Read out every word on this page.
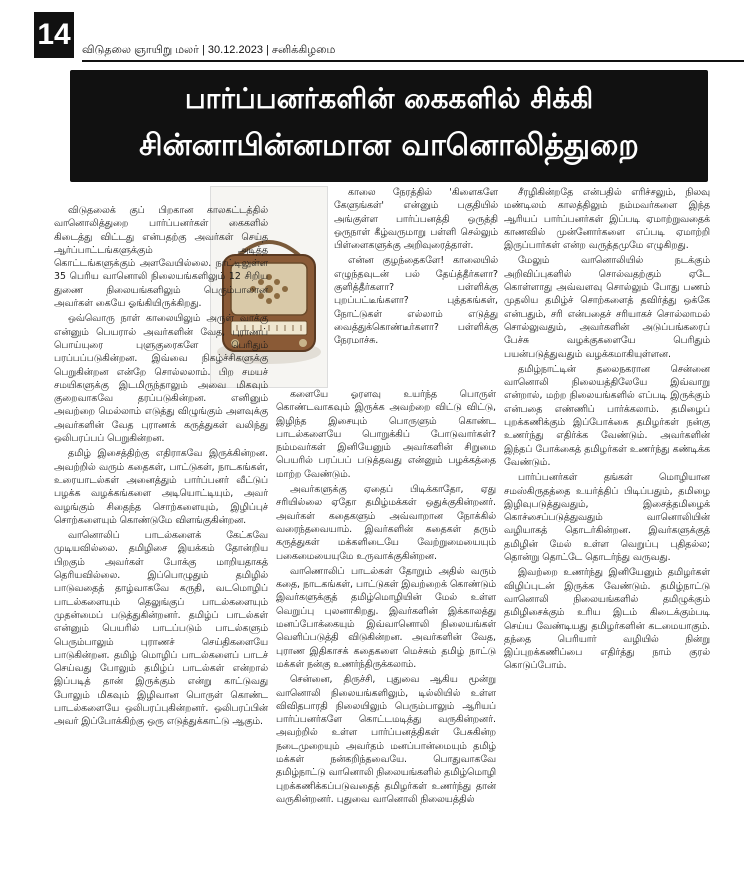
14	விடுதலை ஞாயிறு மலர் | 30.12.2023 | சனிக்கிழமை
பார்ப்பனர்களின் கைகளில் சிக்கி
சின்னாபின்னமான வானொலித்துறை

விடுதலைக் குப் பிறகான காலகட்டத்தில் வானொலித்துறை பார்ப்பனர்கள் கைகளில் கிடைத்து விட்டது என்பதற்கு அவர்கள் செய்த ஆர்ப்பாட்டங்களுக்கும் அடித்த கொட்டங்களுக்கும் அளவேயில்லை. நாட்டிலுள்ள 35 பெரிய வானொலி நிலையங்களிலும் 12 சிறிய துணை நிலையங்களிலும் பெரும்பாலான அவர்கள் கையே ஓங்கியிருக்கிறது.

ஒவ்வொரு நாள் காலையிலும் அருள் வாக்கு என்னும் பெயரால் அவர்களின் வேத, புராணப் பொய்யுரை புளுகுரைகளே பெரிதும் பரப்பப்படுகின்றன. இவ்வை நிகழ்ச்சிகளுக்கு பெறுகின்றன என்றே சொல்லலாம். பிற சமயச் சமயிகளுக்கு இடமிருந்தாலும் அவை மிகவும் குறைவாகவே தரப்படுகின்றன. எனினும் அவற்றை மெல்லாம் எடுத்து விழுங்கும் அளவுக்கு அவர்களின் வேத புராணக் கருத்துகள் வலிந்து ஒலிபரப்பப் பெறுகின்றன.

தமிழ் இசைத்திற்கு எதிராகவே இருக்கின்றன. அவற்றில் வரும் கதைகள், பாட்டுகள், நாடகங்கள், உரையாடல்கள் அனைத்தும் பார்ப்பனர் வீட்டுப் பழக்க வழக்கங்களை அடியொட்டியும், அவர் வழங்கும் சிதைந்த சொற்களையும், இழிப்புச் சொற்களையும் கொண்டுமே விளங்குகின்றன.

வானொலிப் பாடல்களைக் கேட்கவே முடியவில்லை. தமிழிசை இயக்கம் தோன்றிய பிறகும் அவர்கள் போக்கு மாறியதாகத் தெரியவில்லை. இப்பொழுதும் தமிழில் பாடுவதைத் தாழ்வாகவே கருதி, வடமொழிப் பாடல்களையும் தெலுங்குப் பாடல்களையும் முதன்மைப் படுத்துகின்றனர். தமிழ்ப் பாடல்கள் என்னும் பெயரில் பாடப்படும் பாடல்களும் பெரும்பாலும் புராணச் செய்திகளையே பாடுகின்றன. தமிழ் மொழிப் பாடல்களைப் பாடச் செய்வது போலும் தமிழ்ப் பாடல்கள் என்றால் இப்படித் தான் இருக்கும் என்று காட்டுவது போலும் மிகவும் இழிவான பொருள் கொண்ட பாடல்களையே ஒலிபரப்புகின்றனர். ஒலிபரப்பின் அவர் இப்போக்கிற்கு ஒரு எடுத்துக்காட்டு ஆகும்.

காலை நேரத்தில் 'கிளைகளே கேளுங்கள்' என்னும் பகுதியில் அங்குள்ள பார்ப்பனத்தி ஒருத்தி ஒருநாள் கீழ்வருமாறு பள்ளி செல்லும் பிள்ளைகளுக்கு அறிவுரைத்தாள்.

என்ன குழந்தைகளே! காலையில் எழுந்தவுடன் பல் தேய்த்தீர்களா? குளித்தீர்களா? பள்ளிக்கு புறப்பட்டீங்களா? புத்தகங்கள், நோட்டுகள் எல்லாம் எடுத்து வைத்துக்கொண்டீர்களா? பள்ளிக்கு நேரமாச்சு.

களையே ஓரளவு உயர்ந்த பொருள் கொண்டவாகவும் இருக்க அவற்றை விட்டு விட்டு, இழிந்த இசையும் பொருளும் கொண்ட பாடல்களையே பொறுக்கிப் போடுவார்கள்? நம்மவர்கள் இனியேனும் அவர்களின் சிறுமை பெயரில் பரப்பப் படுத்தவது என்னும் பழக்கத்தை மாற்ற வேண்டும்.

அவர்களுக்கு ஏதைப் பிடிக்காதோ, ஏது சரியில்லை ஏதோ தமிழ்மக்கள் ஒதுக்குகின்றனர். அவர்கள் கதைகளும் அவ்வாறான நோக்கில் வரைந்தவையாம். இவர்களின் கதைகள் தரும் கருத்துகள் மக்களிடையே வேற்றுமையையும் பகைமையையுமே உருவாக்குகின்றன.

வாணொலிப் பாடல்கள் தோறும் அதில் வரும் கதை, நாடகங்கள், பாட்டுகள் இவற்றைக் கொண்டும் இவர்களுக்குத் தமிழ்மொழியின் மேல் உள்ள வெறுப்பு புலனாகிறது. இவர்களின் இக்காலத்து மனப்போக்கையும் இவ்வானொலி நிலையங்கள் வெளிப்படுத்தி விடுகின்றன. அவர்களின் வேத, புராண இதிகாசக் கதைகளை மெச்சும் தமிழ் நாட்டு மக்கள் நன்கு உணர்ந்திருக்கலாம்.

சென்னை, திருச்சி, புதுவை ஆகிய மூன்று வானொலி நிலையங்களிலும், டில்லியில் உள்ள விவிதபாரதி நிலையிலும் பெரும்பாலும் ஆரியப் பார்ப்பனர்களே கொட்டமடித்து வருகின்றனர். அவற்றில் உள்ள பார்ப்பனத்திகள் பேசுகின்ற நடைமுறையும் அவர்தம் மனப்பான்மையும் தமிழ் மக்கள் நன்கறிந்தவையே. பொதுவாகவே தமிழ்நாட்டு வானொலி நிலையங்களில் தமிழ்மொழி புறக்கணிக்கப்படுவதைத் தமிழர்கள் உணர்ந்து தான் வருகின்றனர். புதுவை வானொலி நிலையத்தில்

சீரழிகின்றதே என்பதில் எரிச்சலும், நிலவு மண்டிலம் காலத்திலும் நம்மவர்களை இந்த ஆரியப் பார்ப்பனர்கள் இப்படி ஏமாற்றுவதைக் காணவில் முன்னோர்களை எப்படி ஏமாற்றி இருப்பார்கள் என்ற வருத்தமுமே எழுகிறது.

மேலும் வானொலியில் நடக்கும் அறிவிப்புகளில் சொல்வதற்கும் ஏடே கொள்ளாது அவ்வளவு சொல்லும் போது பணம் முதலிய தமிழ்ச் சொற்களைத் தவிர்த்து ஒக்கே என்பதும், சரி என்பதைச் சரியாகச் சொல்லாமல் சொல்லுவதும், அவர்களின் அடுப்பங்கரைப் பேச்சு வழக்குகளையே பெரிதும் பயன்படுத்துவதும் வழக்கமாகியுள்ளன.

தமிழ்நாட்டின் தலைநகரான சென்னை வானொலி நிலையத்திலேயே இவ்வாறு என்றால், மற்ற நிலையங்களில் எப்படி இருக்கும் என்பதை எண்ணிப் பார்க்கலாம். தமிழைப் புறக்கணிக்கும் இப்போக்கை தமிழர்கள் நன்கு உணர்ந்து எதிர்க்க வேண்டும். அவர்களின் இந்தப் போக்கைத் தமிழர்கள் உணர்ந்து கண்டிக்க வேண்டும்.

பார்ப்பனர்கள் தங்கள் மொழியான சமஸ்கிருதத்தை உயர்த்திப் பிடிப்பதும், தமிழை இழிவுபடுத்துவதும், இசைத்தமிழைக் கொச்சைப்படுத்துவதும் வானொலியின் வழியாகத் தொடர்கின்றன. இவர்களுக்குத் தமிழின் மேல் உள்ள வெறுப்பு புதிதல்ல; தொன்று தொட்டே தொடர்ந்து வருவது.

இவற்றை உணர்ந்து இனியேனும் தமிழர்கள் விழிப்புடன் இருக்க வேண்டும். தமிழ்நாட்டு வானொலி நிலையங்களில் தமிழுக்கும் தமிழிசைக்கும் உரிய இடம் கிடைக்கும்படி செய்ய வேண்டியது தமிழர்களின் கடமையாகும். தந்தை பெரியார் வழியில் நின்று இப்புறக்கணிப்பை எதிர்த்து நாம் குரல் கொடுப்போம்.
